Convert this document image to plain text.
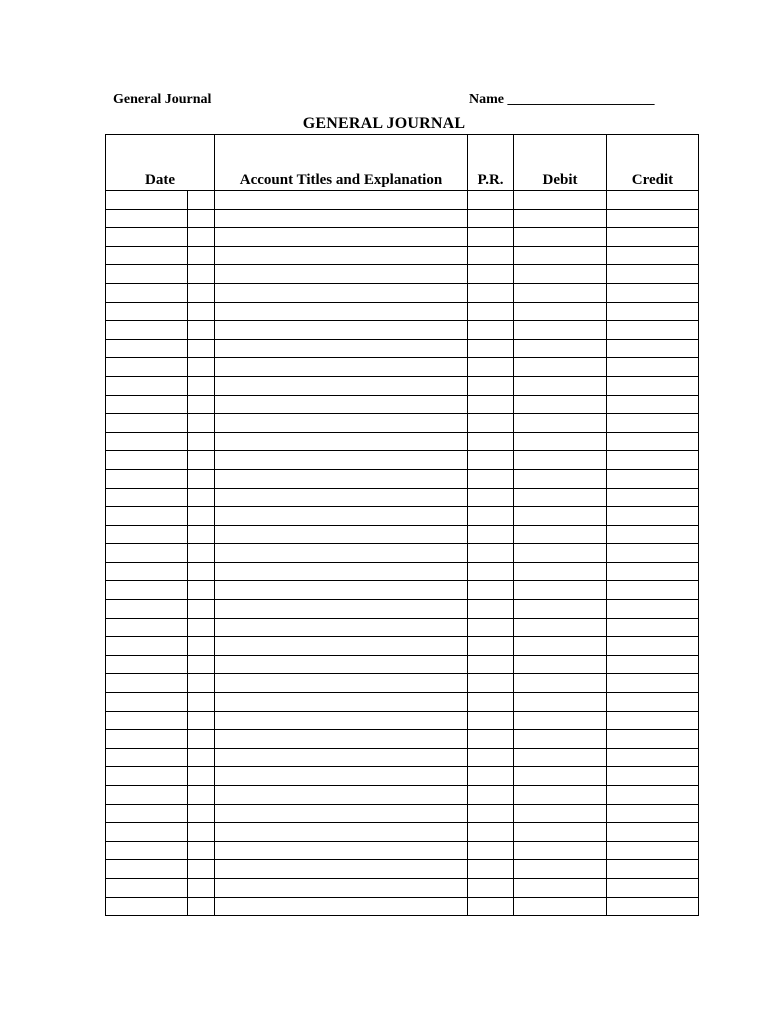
General Journal	Name _____________________
GENERAL JOURNAL
Date		Account Titles and Explanation	P.R.	Debit	Credit
